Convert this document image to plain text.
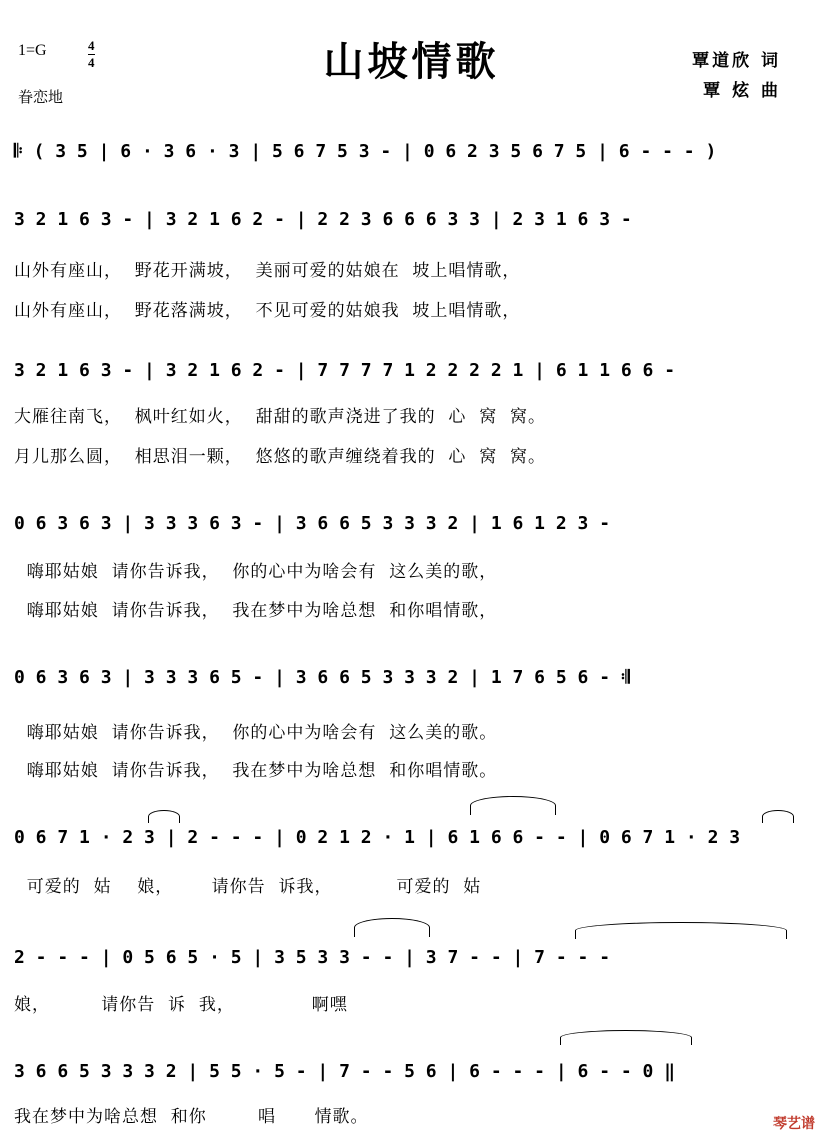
山坡情歌
1=G	4
4
眷恋地
覃道欣 词
覃 炫 曲
𝄆 ( 3 5 | 6 · 3 6 · 3 | 5 6 7 5 3 - | 0 6 2 3 5 6 7 5 | 6 - - - )
3 2 1 6 3 - | 3 2 1 6 2 - | 2 2 3 6 6 6 3 3 | 2 3 1 6 3 -
山外有座山，  野花开满坡，  美丽可爱的姑娘在  坡上唱情歌，
山外有座山，  野花落满坡，  不见可爱的姑娘我  坡上唱情歌，
3 2 1 6 3 - | 3 2 1 6 2 - | 7 7 7 7 1 2 2 2 2 1 | 6 1 1 6 6 -
大雁往南飞，  枫叶红如火，  甜甜的歌声浇进了我的  心  窝  窝。
月儿那么圆，  相思泪一颗，  悠悠的歌声缠绕着我的  心  窝  窝。
0 6 3 6 3 | 3 3 3 6 3 - | 3 6 6 5 3 3 3 2 | 1 6 1 2 3 -
嗨耶姑娘  请你告诉我，  你的心中为啥会有  这么美的歌，
嗨耶姑娘  请你告诉我，  我在梦中为啥总想  和你唱情歌，
0 6 3 6 3 | 3 3 3 6 5 - | 3 6 6 5 3 3 3 2 | 1 7 6 5 6 - 𝄇
嗨耶姑娘  请你告诉我，  你的心中为啥会有  这么美的歌。
嗨耶姑娘  请你告诉我，  我在梦中为啥总想  和你唱情歌。
0 6 7 1 · 2 3 | 2 - - - | 0 2 1 2 · 1 | 6 1 6 6 - - | 0 6 7 1 · 2 3
可爱的  姑    娘，      请你告  诉我，          可爱的  姑
2 - - - | 0 5 6 5 · 5 | 3 5 3 3 - - | 3 7 - - | 7 - - -
娘，        请你告  诉  我，            啊嘿
3 6 6 5 3 3 3 2 | 5 5 · 5 - | 7 - - 5 6 | 6 - - - | 6 - - 0 ‖
我在梦中为啥总想  和你        唱      情歌。	琴艺谱
